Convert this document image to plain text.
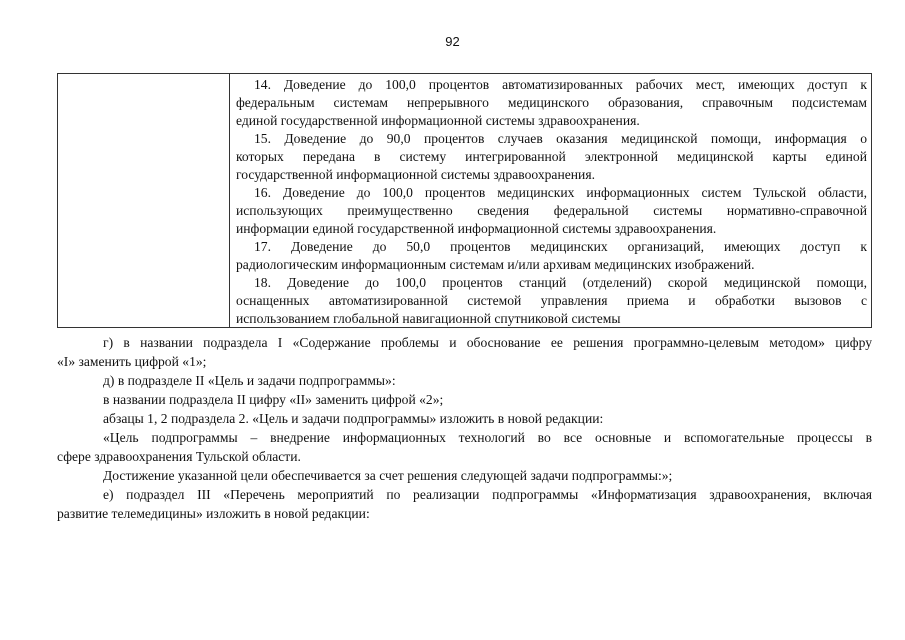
92
14. Доведение до 100,0 процентов автоматизированных рабочих мест, имеющих доступ к
федеральным системам непрерывного медицинского образования, справочным подсистемам
единой государственной информационной системы здравоохранения.
15. Доведение до 90,0 процентов случаев оказания медицинской помощи, информация о
которых передана в систему интегрированной электронной медицинской карты единой
государственной информационной системы здравоохранения.
16. Доведение до 100,0 процентов медицинских информационных систем Тульской области,
использующих преимущественно сведения федеральной системы нормативно-справочной
информации единой государственной информационной системы здравоохранения.
17. Доведение до 50,0 процентов медицинских организаций, имеющих доступ к
радиологическим информационным системам и/или архивам медицинских изображений.
18. Доведение до 100,0 процентов станций (отделений) скорой медицинской помощи,
оснащенных автоматизированной системой управления приема и обработки вызовов с
использованием глобальной навигационной спутниковой системы
г) в названии подраздела I «Содержание проблемы и обоснование ее решения программно-целевым методом» цифру
«I» заменить цифрой «1»;
д) в подразделе II «Цель и задачи подпрограммы»:
в названии подраздела II цифру «II» заменить цифрой «2»;
абзацы 1, 2 подраздела 2. «Цель и задачи подпрограммы» изложить в новой редакции:
«Цель подпрограммы – внедрение информационных технологий во все основные и вспомогательные процессы в
сфере здравоохранения Тульской области.
Достижение указанной цели обеспечивается за счет решения следующей задачи подпрограммы:»;
е) подраздел III «Перечень мероприятий по реализации подпрограммы «Информатизация здравоохранения, включая
развитие телемедицины» изложить в новой редакции:
